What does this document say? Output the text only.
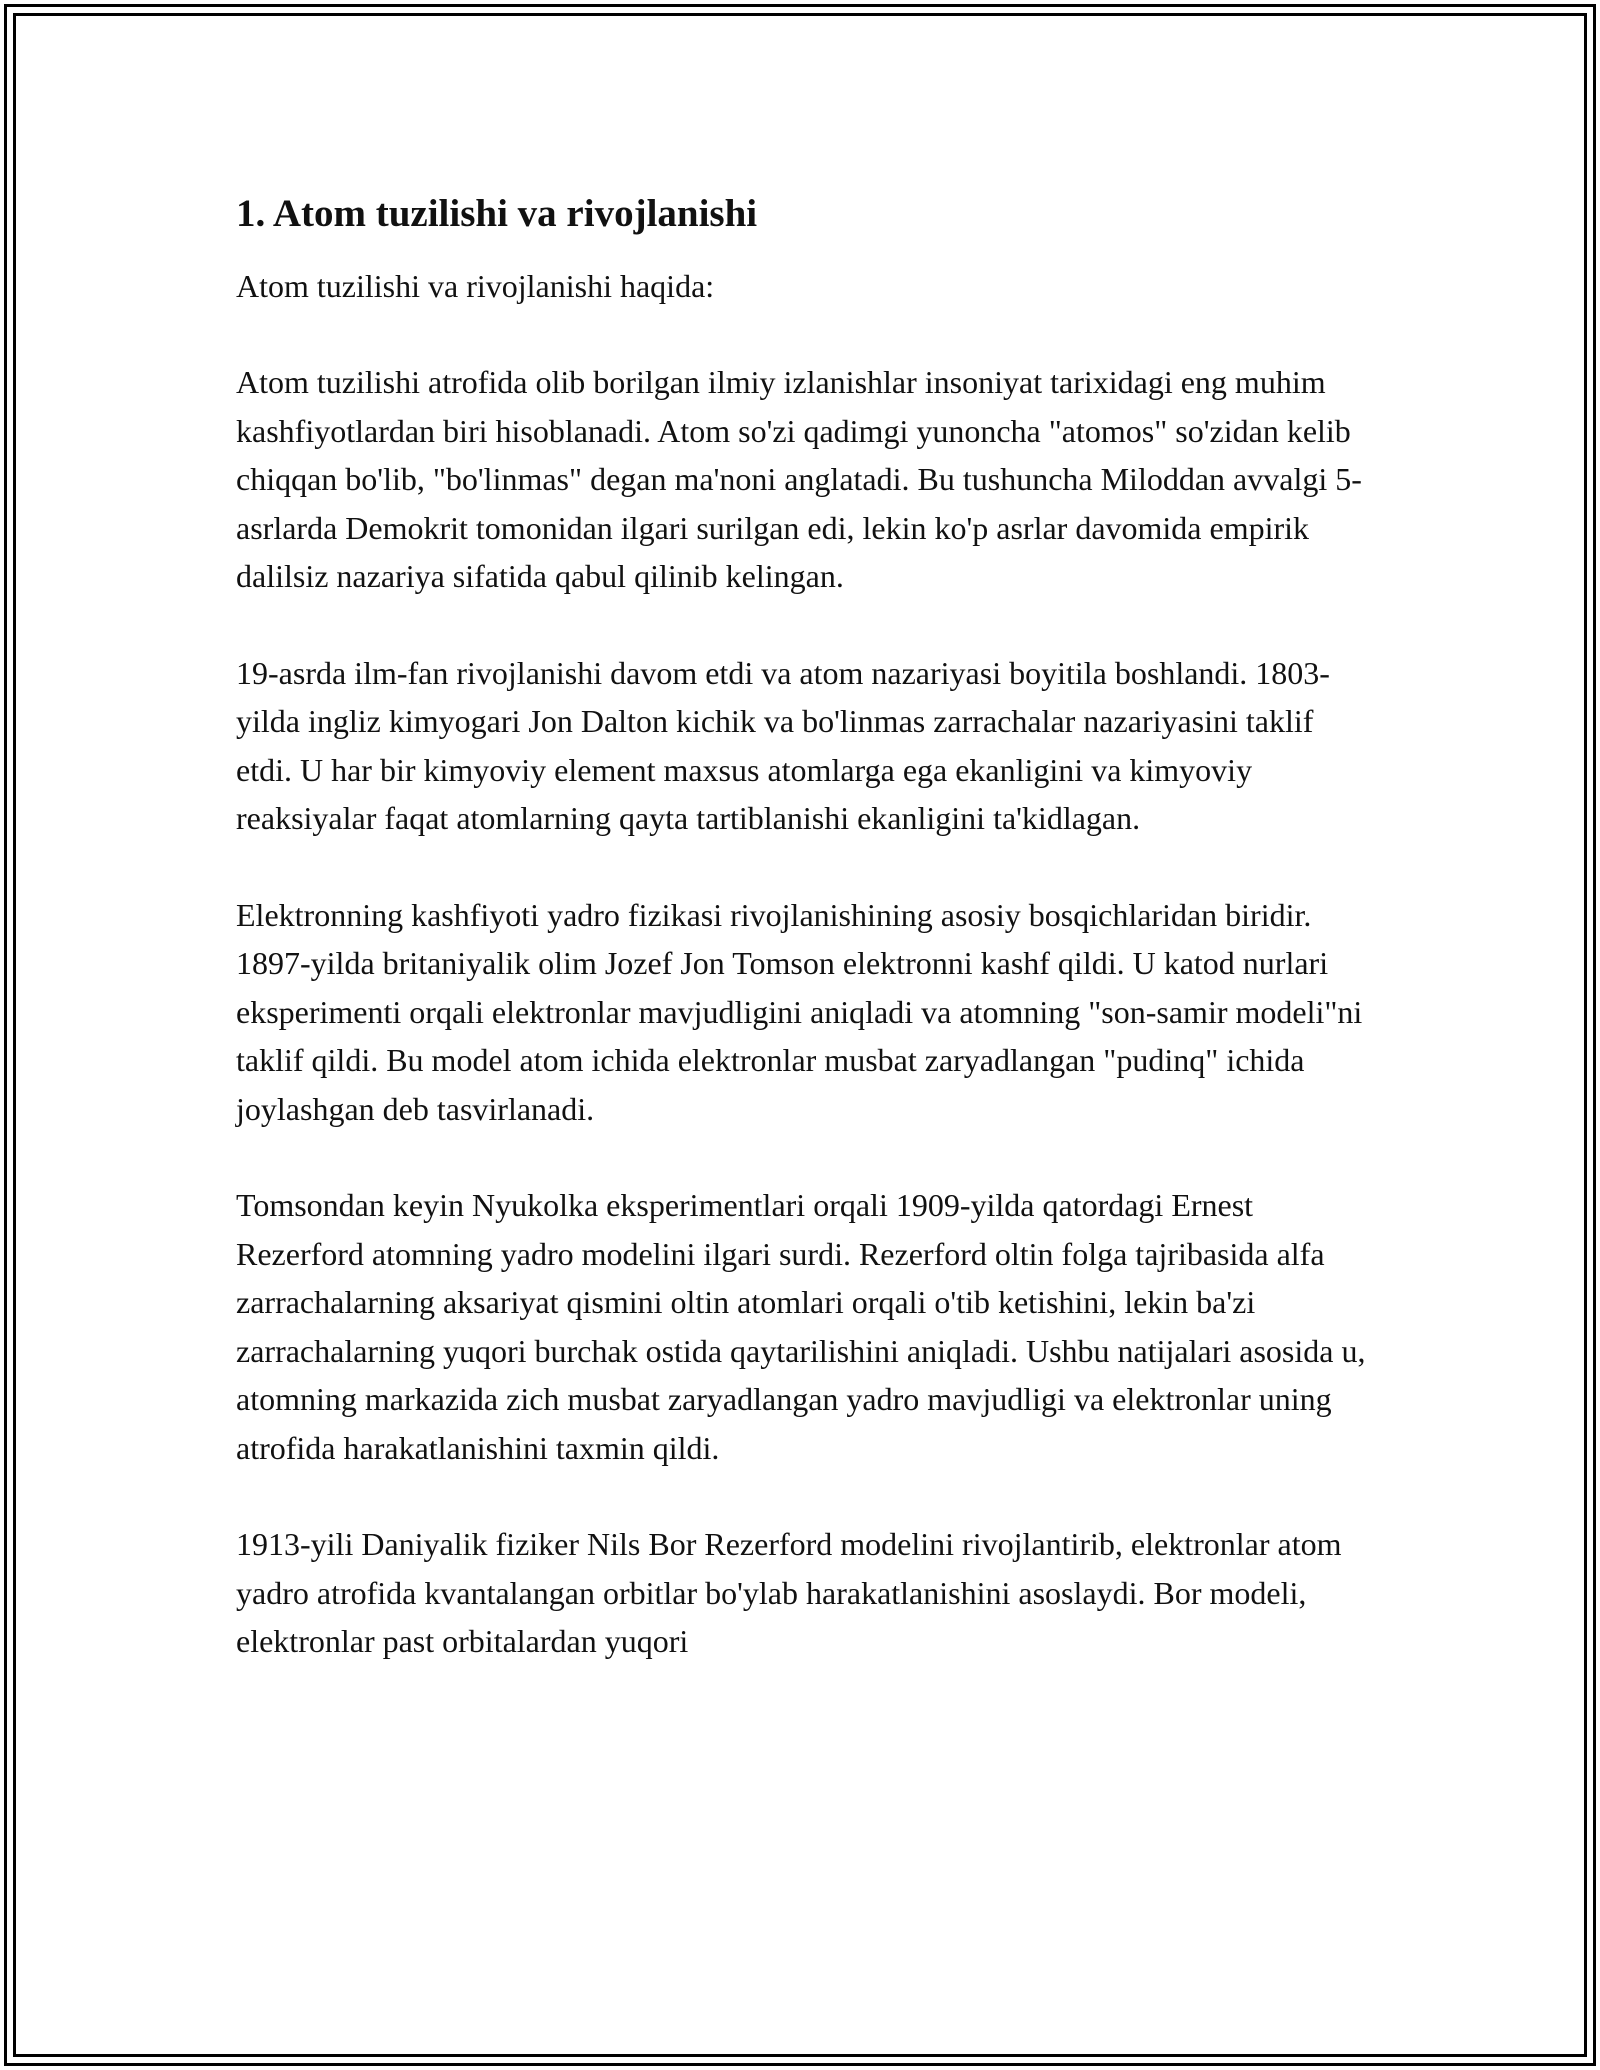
1. Atom tuzilishi va rivojlanishi

Atom tuzilishi va rivojlanishi haqida:

Atom tuzilishi atrofida olib borilgan ilmiy izlanishlar insoniyat tarixidagi eng muhim kashfiyotlardan biri hisoblanadi. Atom so'zi qadimgi yunoncha "atomos" so'zidan kelib chiqqan bo'lib, "bo'linmas" degan ma'noni anglatadi. Bu tushuncha Miloddan avvalgi 5-asrlarda Demokrit tomonidan ilgari surilgan edi, lekin ko'p asrlar davomida empirik dalilsiz nazariya sifatida qabul qilinib kelingan.

19-asrda ilm-fan rivojlanishi davom etdi va atom nazariyasi boyitila boshlandi. 1803-yilda ingliz kimyogari Jon Dalton kichik va bo'linmas zarrachalar nazariyasini taklif etdi. U har bir kimyoviy element maxsus atomlarga ega ekanligini va kimyoviy reaksiyalar faqat atomlarning qayta tartiblanishi ekanligini ta'kidlagan.

Elektronning kashfiyoti yadro fizikasi rivojlanishining asosiy bosqichlaridan biridir. 1897-yilda britaniyalik olim Jozef Jon Tomson elektronni kashf qildi. U katod nurlari eksperimenti orqali elektronlar mavjudligini aniqladi va atomning "son-samir modeli"ni taklif qildi. Bu model atom ichida elektronlar musbat zaryadlangan "pudinq" ichida joylashgan deb tasvirlanadi.

Tomsondan keyin Nyukolka eksperimentlari orqali 1909-yilda qatordagi Ernest Rezerford atomning yadro modelini ilgari surdi. Rezerford oltin folga tajribasida alfa zarrachalarning aksariyat qismini oltin atomlari orqali o'tib ketishini, lekin ba'zi zarrachalarning yuqori burchak ostida qaytarilishini aniqladi. Ushbu natijalari asosida u, atomning markazida zich musbat zaryadlangan yadro mavjudligi va elektronlar uning atrofida harakatlanishini taxmin qildi.

1913-yili Daniyalik fiziker Nils Bor Rezerford modelini rivojlantirib, elektronlar atom yadro atrofida kvantalangan orbitlar bo'ylab harakatlanishini asoslaydi. Bor modeli, elektronlar past orbitalardan yuqori
